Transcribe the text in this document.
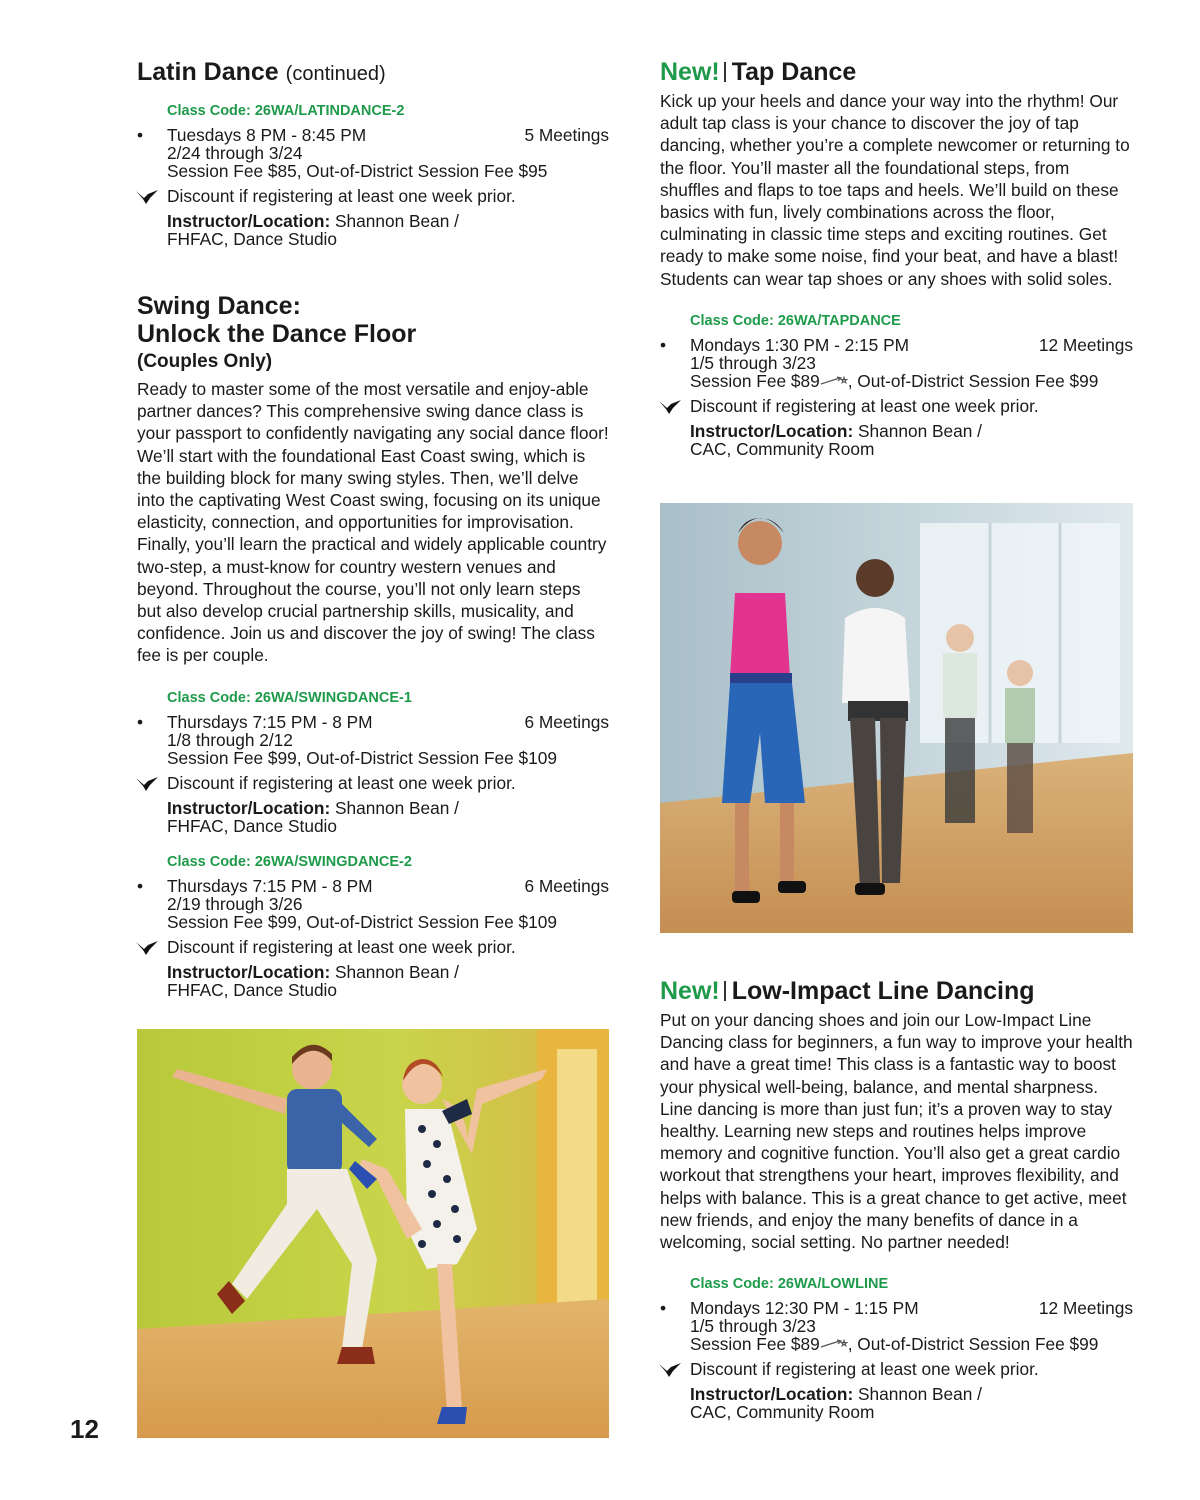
Latin Dance (continued)
Class Code: 26WA/LATINDANCE-2
• Tuesdays 8 PM - 8:45 PM	5 Meetings
2/24 through 3/24
Session Fee $85, Out-of-District Session Fee $95
Discount if registering at least one week prior.
Instructor/Location: Shannon Bean /
FHFAC, Dance Studio
Swing Dance:
Unlock the Dance Floor
(Couples Only)

Ready to master some of the most versatile and enjoy-able partner dances? This comprehensive swing dance class is your passport to confidently navigating any social dance floor! We’ll start with the foundational East Coast swing, which is the building block for many swing styles. Then, we’ll delve into the captivating West Coast swing, focusing on its unique elasticity, connection, and opportunities for improvisation. Finally, you’ll learn the practical and widely applicable country two-step, a must-know for country western venues and beyond. Throughout the course, you’ll not only learn steps but also develop crucial partnership skills, musicality, and confidence. Join us and discover the joy of swing! The class fee is per couple.

Class Code: 26WA/SWINGDANCE-1
• Thursdays 7:15 PM - 8 PM	6 Meetings
1/8 through 2/12
Session Fee $99, Out-of-District Session Fee $109
Discount if registering at least one week prior.
Instructor/Location: Shannon Bean /
FHFAC, Dance Studio
Class Code: 26WA/SWINGDANCE-2
• Thursdays 7:15 PM - 8 PM	6 Meetings
2/19 through 3/26
Session Fee $99, Out-of-District Session Fee $109
Discount if registering at least one week prior.
Instructor/Location: Shannon Bean /
FHFAC, Dance Studio
New! Tap Dance

Kick up your heels and dance your way into the rhythm! Our adult tap class is your chance to discover the joy of tap dancing, whether you’re a complete newcomer or returning to the floor. You’ll master all the foundational steps, from shuffles and flaps to toe taps and heels. We’ll build on these basics with fun, lively combinations across the floor, culminating in classic time steps and exciting routines. Get ready to make some noise, find your beat, and have a blast! Students can wear tap shoes or any shoes with solid soles.

Class Code: 26WA/TAPDANCE
• Mondays 1:30 PM - 2:15 PM	12 Meetings
1/5 through 3/23
Session Fee $89 , Out-of-District Session Fee $99
Discount if registering at least one week prior.
Instructor/Location: Shannon Bean /
CAC, Community Room
New! Low-Impact Line Dancing

Put on your dancing shoes and join our Low-Impact Line Dancing class for beginners, a fun way to improve your health and have a great time! This class is a fantastic way to boost your physical well-being, balance, and mental sharpness. Line dancing is more than just fun; it’s a proven way to stay healthy. Learning new steps and routines helps improve memory and cognitive function. You’ll also get a great cardio workout that strengthens your heart, improves flexibility, and helps with balance. This is a great chance to get active, meet new friends, and enjoy the many benefits of dance in a welcoming, social setting. No partner needed!

Class Code: 26WA/LOWLINE
• Mondays 12:30 PM - 1:15 PM	12 Meetings
1/5 through 3/23
Session Fee $89 , Out-of-District Session Fee $99
Discount if registering at least one week prior.
Instructor/Location: Shannon Bean /
CAC, Community Room
12
